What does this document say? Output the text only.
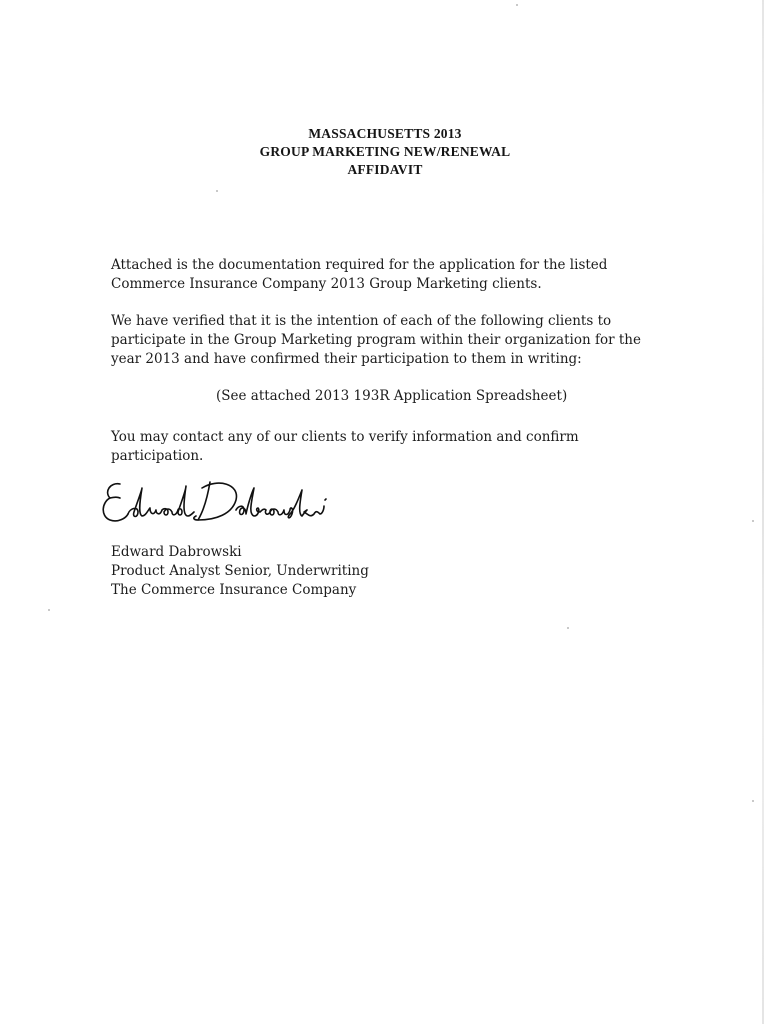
MASSACHUSETTS 2013
GROUP MARKETING NEW/RENEWAL
AFFIDAVIT
Attached is the documentation required for the application for the listed
Commerce Insurance Company 2013 Group Marketing clients.
We have verified that it is the intention of each of the following clients to
participate in the Group Marketing program within their organization for the
year 2013 and have confirmed their participation to them in writing:
(See attached 2013 193R Application Spreadsheet)
You may contact any of our clients to verify information and confirm
participation.
Edward Dabrowski
Product Analyst Senior, Underwriting
The Commerce Insurance Company
